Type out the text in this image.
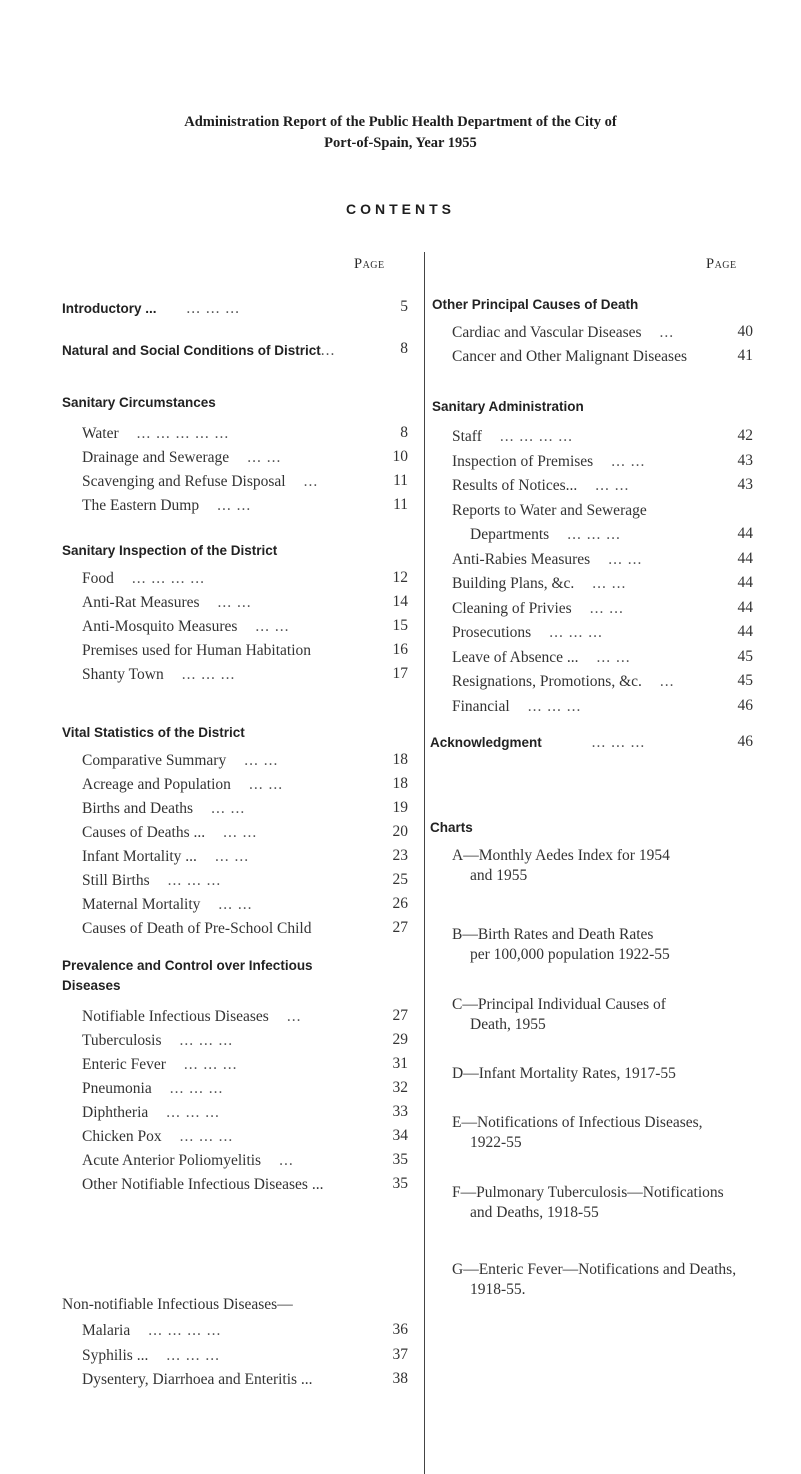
Administration Report of the Public Health Department of the City of
Port-of-Spain, Year 1955
CONTENTS
Page	Page
Introductory ... ... ... ...	5
Natural and Social Conditions of District...	8
Sanitary Circumstances
Water ... ... ... ... ...	8
Drainage and Sewerage ... ...	10
Scavenging and Refuse Disposal ...	11
The Eastern Dump ... ...	11
Sanitary Inspection of the District
Food ... ... ... ...	12
Anti-Rat Measures ... ...	14
Anti-Mosquito Measures ... ...	15
Premises used for Human Habitation	16
Shanty Town ... ... ...	17
Vital Statistics of the District
Comparative Summary ... ...	18
Acreage and Population ... ...	18
Births and Deaths ... ...	19
Causes of Deaths ... ... ...	20
Infant Mortality ... ... ...	23
Still Births ... ... ...	25
Maternal Mortality ... ...	26
Causes of Death of Pre-School Child	27
Prevalence and Control over Infectious
Diseases
Notifiable Infectious Diseases ...	27
Tuberculosis ... ... ...	29
Enteric Fever ... ... ...	31
Pneumonia ... ... ...	32
Diphtheria ... ... ...	33
Chicken Pox ... ... ...	34
Acute Anterior Poliomyelitis ...	35
Other Notifiable Infectious Diseases ...	35
Non-notifiable Infectious Diseases—
Malaria ... ... ... ...	36
Syphilis ... ... ... ...	37
Dysentery, Diarrhoea and Enteritis ...	38
Other Principal Causes of Death
Cardiac and Vascular Diseases ...	40
Cancer and Other Malignant Diseases	41
Sanitary Administration
Staff ... ... ... ...	42
Inspection of Premises ... ...	43
Results of Notices... ... ...	43
Reports to Water and Sewerage
Departments ... ... ...	44
Anti-Rabies Measures ... ...	44
Building Plans, &c. ... ...	44
Cleaning of Privies ... ...	44
Prosecutions ... ... ...	44
Leave of Absence ... ... ...	45
Resignations, Promotions, &c. ...	45
Financial ... ... ...	46
Acknowledgment	... ... ...	46
Charts
A—Monthly Aedes Index for 1954
and 1955
B—Birth Rates and Death Rates
per 100,000 population 1922-55
C—Principal Individual Causes of
Death, 1955
D—Infant Mortality Rates, 1917-55
E—Notifications of Infectious Diseases,
1922-55
F—Pulmonary Tuberculosis—Notifications
and Deaths, 1918-55
G—Enteric Fever—Notifications and Deaths,
1918-55.
